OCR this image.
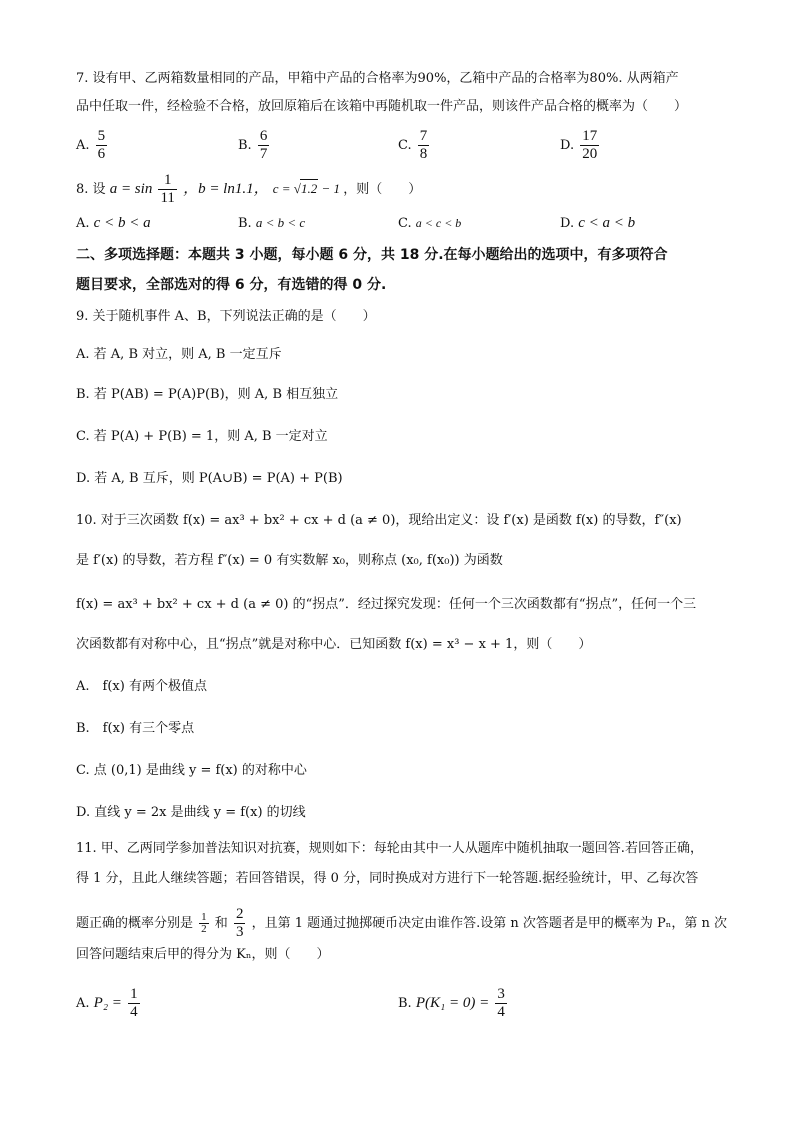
7. 设有甲、乙两箱数量相同的产品，甲箱中产品的合格率为90%，乙箱中产品的合格率为80%. 从两箱产
品中任取一件，经检验不合格，放回原箱后在该箱中再随机取一件产品，则该件产品合格的概率为（　　）
A. $\frac{5}{6}$	B. $\frac{6}{7}$	C. $\frac{7}{8}$	D. $\frac{17}{20}$
8. 设 $a = \sin \frac{1}{11}$ ，b = ln1.1， c = √1.2 − 1 ，则（　　）
A. c < b < a	B. a < b < c	C. a < c < b	D. c < a < b
二、多项选择题：本题共 3 小题，每小题 6 分，共 18 分.在每小题给出的选项中，有多项符合
题目要求，全部选对的得 6 分，有选错的得 0 分.
9. 关于随机事件 A、B，下列说法正确的是（　　）
A. 若 A, B 对立，则 A, B 一定互斥
B. 若 P(AB) = P(A)P(B)，则 A, B 相互独立
C. 若 P(A) + P(B) = 1，则 A, B 一定对立
D. 若 A, B 互斥，则 P(A∪B) = P(A) + P(B)
10. 对于三次函数 f(x) = ax³ + bx² + cx + d (a ≠ 0)，现给出定义：设 f′(x) 是函数 f(x) 的导数，f″(x)
是 f′(x) 的导数，若方程 f″(x) = 0 有实数解 x₀，则称点 (x₀, f(x₀)) 为函数
f(x) = ax³ + bx² + cx + d (a ≠ 0) 的“拐点”．经过探究发现：任何一个三次函数都有“拐点”，任何一个三
次函数都有对称中心，且“拐点”就是对称中心．已知函数 f(x) = x³ − x + 1，则（　　）
A.　f(x) 有两个极值点
B.　f(x) 有三个零点
C. 点 (0,1) 是曲线 y = f(x) 的对称中心
D. 直线 y = 2x 是曲线 y = f(x) 的切线
11. 甲、乙两同学参加普法知识对抗赛，规则如下：每轮由其中一人从题库中随机抽取一题回答.若回答正确，
得 1 分，且此人继续答题；若回答错误，得 0 分，同时换成对方进行下一轮答题.据经验统计，甲、乙每次答
题正确的概率分别是 $\frac{1}{2}$ 和 $\frac{2}{3}$ ，且第 1 题通过抛掷硬币决定由谁作答.设第 n 次答题者是甲的概率为 Pₙ，第 n 次
回答问题结束后甲的得分为 Kₙ，则（　　）
A. $P_2 = \frac{1}{4}$	B. $P(K_1 = 0) = \frac{3}{4}$
